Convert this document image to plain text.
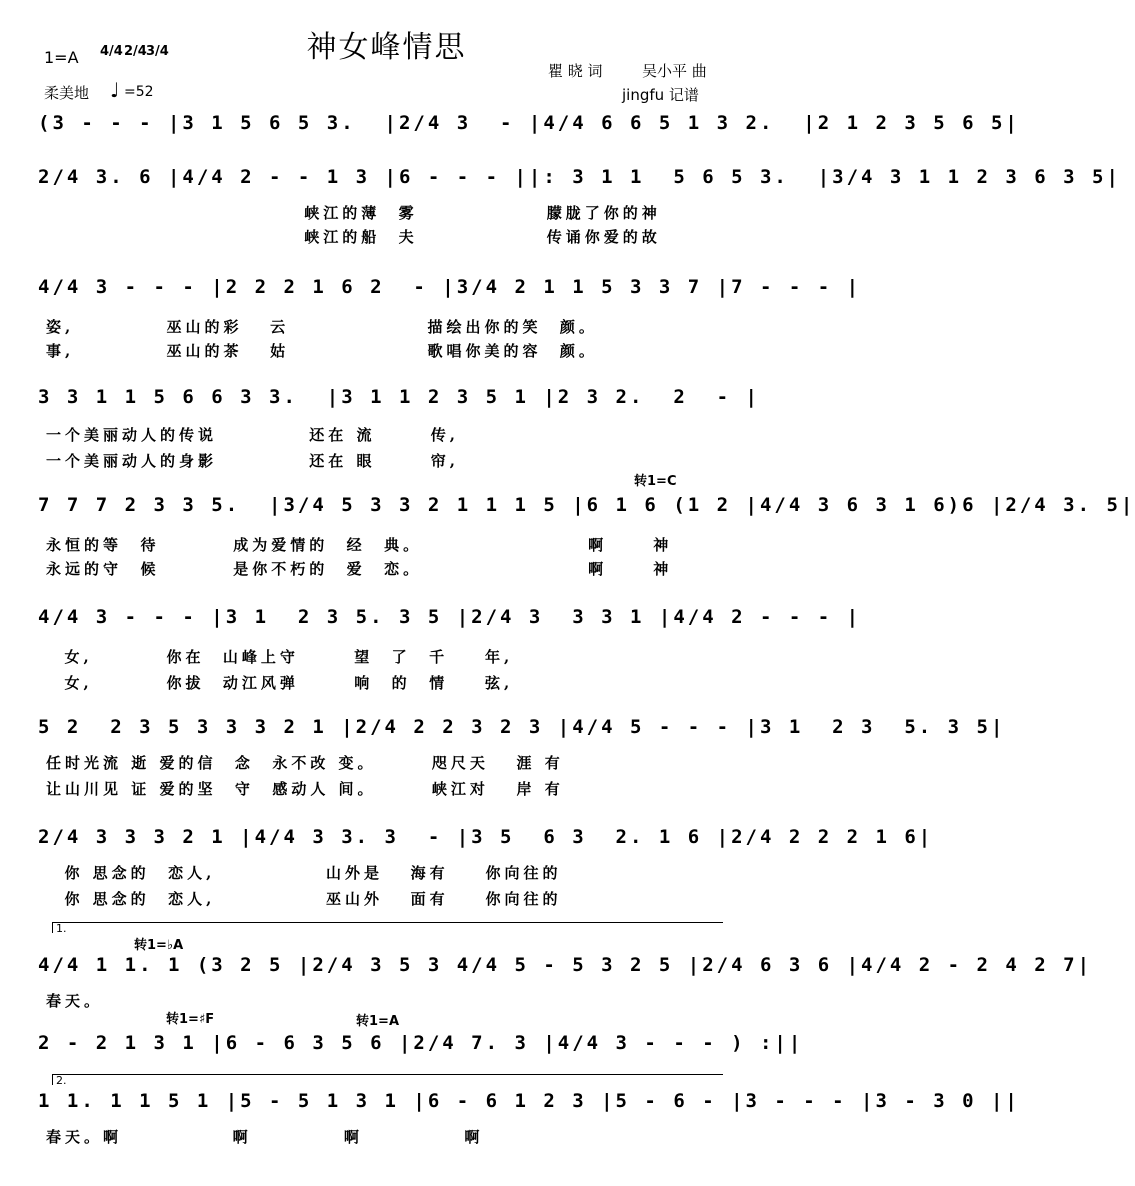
神女峰情思
1=A 4/4 2/4 3/4
柔美地 ♩ =52
瞿 晓 词	吴小平 曲
jingfu 记谱
(3 - - - |3 1 5 6 5 3.  |2/4 3  - |4/4 6 6 5 1 3 2.  |2 1 2 3 5 6 5|
2/4 3. 6 |4/4 2 - - 1 3 |6 - - - ||: 3 1 1  5 6 5 3.  |3/4 3 1 1 2 3 6 3 5|
峡江的薄  雾              朦胧了你的神
峡江的船  夫              传诵你爱的故
4/4 3 - - - |2 2 2 1 6 2  - |3/4 2 1 1 5 3 3 7 |7 - - - |
姿,          巫山的彩   云               描绘出你的笑  颜。
事,          巫山的茶   姑               歌唱你美的容  颜。
3 3 1 1 5 6 6 3 3.  |3 1 1 2 3 5 1 |2 3 2.  2  - |
一个美丽动人的传说          还在 流      传,
一个美丽动人的身影          还在 眼      帘,
转1=C
7 7 7 2 3 3 5.  |3/4 5 3 3 2 1 1 1 5 |6 1 6 (1 2 |4/4 3 6 3 1 6)6 |2/4 3. 5|
永恒的等  待        成为爱情的  经  典。                  啊     神
永远的守  候        是你不朽的  爱  恋。                  啊     神
4/4 3 - - - |3 1  2 3 5. 3 5 |2/4 3  3 3 1 |4/4 2 - - - |
女,        你在  山峰上守      望  了  千    年,
女,        你拔  动江风弹      响  的  情    弦,
5 2  2 3 5 3 3 3 2 1 |2/4 2 2 3 2 3 |4/4 5 - - - |3 1  2 3  5. 3 5|
任时光流 逝 爱的信  念  永不改 变。      咫尺天   涯 有
让山川见 证 爱的坚  守  感动人 间。      峡江对   岸 有
2/4 3 3 3 2 1 |4/4 3 3. 3  - |3 5  6 3  2. 1 6 |2/4 2 2 2 1 6|
你 思念的  恋人,            山外是   海有    你向往的
你 思念的  恋人,            巫山外   面有    你向往的
1.
转1=♭A
4/4 1 1. 1 (3 2 5 |2/4 3 5 3 4/4 5 - 5 3 2 5 |2/4 6 3 6 |4/4 2 - 2 4 2 7|
春天。
转1=♯F	转1=A
2 - 2 1 3 1 |6 - 6 3 5 6 |2/4 7. 3 |4/4 3 - - - ) :||
2.
1 1. 1 1 5 1 |5 - 5 1 3 1 |6 - 6 1 2 3 |5 - 6 - |3 - - - |3 - 3 0 ||
春天。啊            啊          啊           啊
